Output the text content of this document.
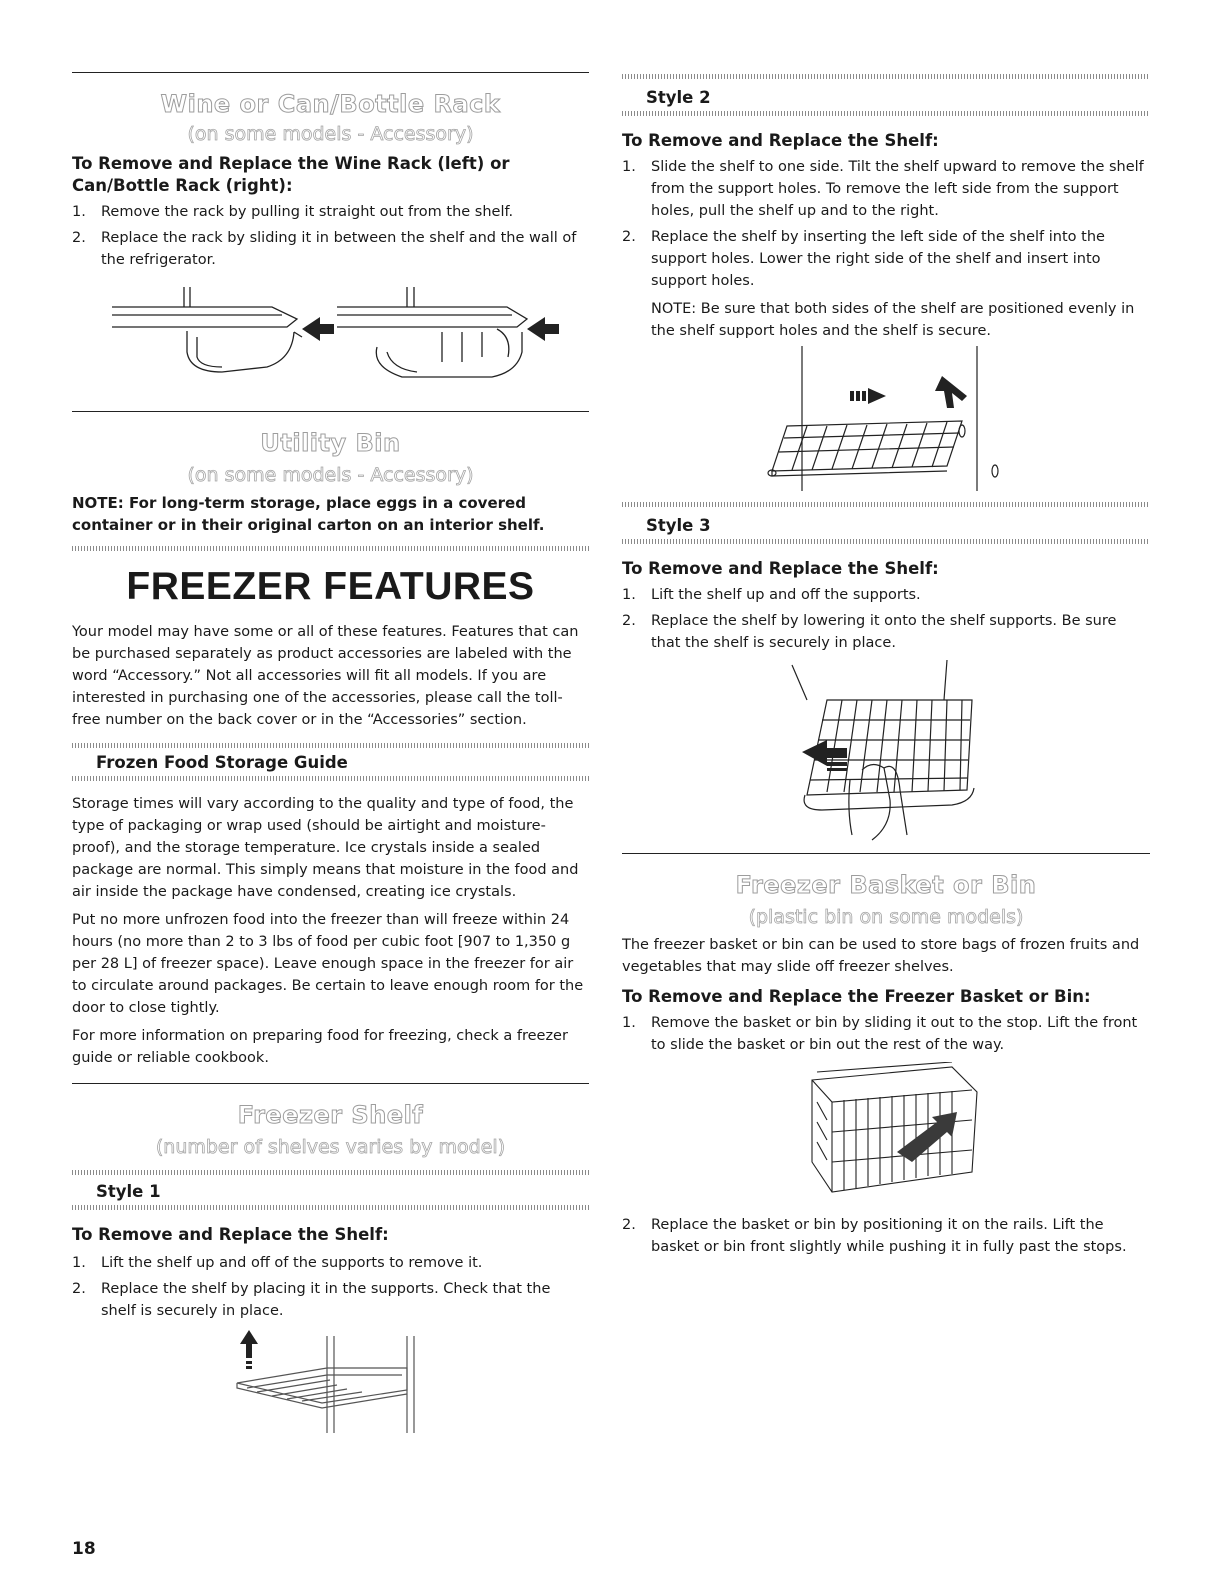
Wine or Can/Bottle Rack
(on some models - Accessory)
To Remove and Replace the Wine Rack (left) or Can/Bottle Rack (right):
1. Remove the rack by pulling it straight out from the shelf.
2. Replace the rack by sliding it in between the shelf and the wall of the refrigerator.
Utility Bin
(on some models - Accessory)

NOTE: For long-term storage, place eggs in a covered container or in their original carton on an interior shelf.

FREEZER FEATURES

Your model may have some or all of these features. Features that can be purchased separately as product accessories are labeled with the word “Accessory.” Not all accessories will fit all models. If you are interested in purchasing one of the accessories, please call the toll-free number on the back cover or in the “Accessories” section.

Frozen Food Storage Guide

Storage times will vary according to the quality and type of food, the type of packaging or wrap used (should be airtight and moisture-proof), and the storage temperature. Ice crystals inside a sealed package are normal. This simply means that moisture in the food and air inside the package have condensed, creating ice crystals.

Put no more unfrozen food into the freezer than will freeze within 24 hours (no more than 2 to 3 lbs of food per cubic foot [907 to 1,350 g per 28 L] of freezer space). Leave enough space in the freezer for air to circulate around packages. Be certain to leave enough room for the door to close tightly.

For more information on preparing food for freezing, check a freezer guide or reliable cookbook.

Freezer Shelf
(number of shelves varies by model)
Style 1
To Remove and Replace the Shelf:
1. Lift the shelf up and off of the supports to remove it.
2. Replace the shelf by placing it in the supports. Check that the shelf is securely in place.
Style 2
To Remove and Replace the Shelf:
1. Slide the shelf to one side. Tilt the shelf upward to remove the shelf from the support holes. To remove the left side from the support holes, pull the shelf up and to the right.
2. Replace the shelf by inserting the left side of the shelf into the support holes. Lower the right side of the shelf and insert into support holes.

NOTE: Be sure that both sides of the shelf are positioned evenly in the shelf support holes and the shelf is secure.

Style 3
To Remove and Replace the Shelf:
1. Lift the shelf up and off the supports.
2. Replace the shelf by lowering it onto the shelf supports. Be sure that the shelf is securely in place.
Freezer Basket or Bin
(plastic bin on some models)

The freezer basket or bin can be used to store bags of frozen fruits and vegetables that may slide off freezer shelves.

To Remove and Replace the Freezer Basket or Bin:
1. Remove the basket or bin by sliding it out to the stop. Lift the front to slide the basket or bin out the rest of the way.
2. Replace the basket or bin by positioning it on the rails. Lift the basket or bin front slightly while pushing it in fully past the stops.
18
